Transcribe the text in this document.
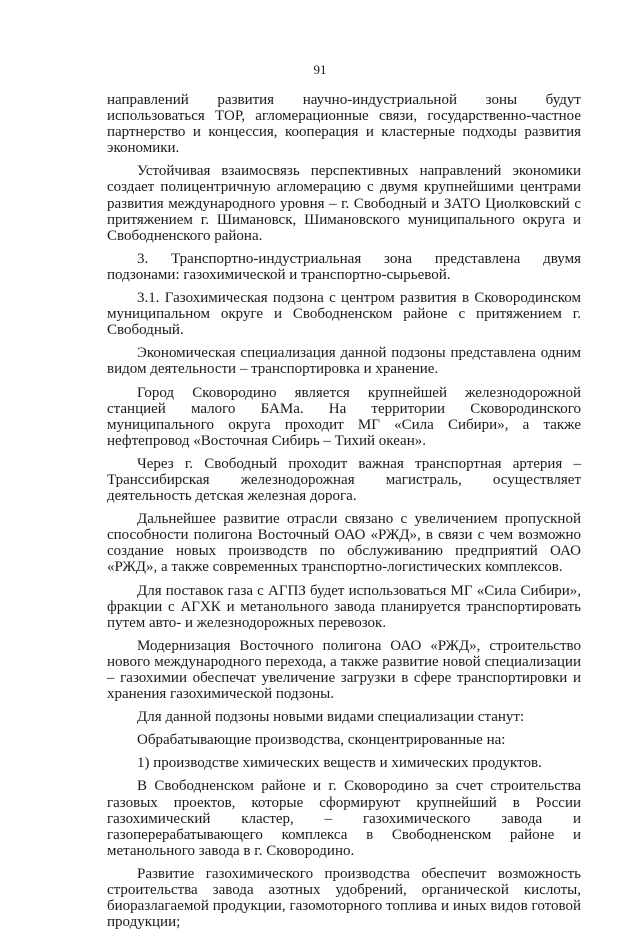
91

направлений развития научно-индустриальной зоны будут использоваться ТОР, агломерационные связи, государственно-частное партнерство и концессия, кооперация и кластерные подходы развития экономики.

Устойчивая взаимосвязь перспективных направлений экономики создает полицентричную агломерацию с двумя крупнейшими центрами развития международного уровня – г. Свободный и ЗАТО Циолковский с притяжением г. Шимановск, Шимановского муниципального округа и Свободненского района.

3. Транспортно-индустриальная зона представлена двумя подзонами: газохимической и транспортно-сырьевой.

3.1. Газохимическая подзона с центром развития в Сковородинском муниципальном округе и Свободненском районе с притяжением г. Свободный.

Экономическая специализация данной подзоны представлена одним видом деятельности – транспортировка и хранение.

Город Сковородино является крупнейшей железнодорожной станцией малого БАМа. На территории Сковородинского муниципального округа проходит МГ «Сила Сибири», а также нефтепровод «Восточная Сибирь – Тихий океан».

Через г. Свободный проходит важная транспортная артерия – Транссибирская железнодорожная магистраль, осуществляет деятельность детская железная дорога.

Дальнейшее развитие отрасли связано с увеличением пропускной способности полигона Восточный ОАО «РЖД», в связи с чем возможно создание новых производств по обслуживанию предприятий ОАО «РЖД», а также современных транспортно-логистических комплексов.

Для поставок газа с АГПЗ будет использоваться МГ «Сила Сибири», фракции с АГХК и метанольного завода планируется транспортировать путем авто- и железнодорожных перевозок.

Модернизация Восточного полигона ОАО «РЖД», строительство нового международного перехода, а также развитие новой специализации – газохимии обеспечат увеличение загрузки в сфере транспортировки и хранения газохимической подзоны.

Для данной подзоны новыми видами специализации станут:

Обрабатывающие производства, сконцентрированные на:

1) производстве химических веществ и химических продуктов.

В Свободненском районе и г. Сковородино за счет строительства газовых проектов, которые сформируют крупнейший в России газохимический кластер, – газохимического завода и газоперерабатывающего комплекса в Свободненском районе и метанольного завода в г. Сковородино.

Развитие газохимического производства обеспечит возможность строительства завода азотных удобрений, органической кислоты, биоразлагаемой продукции, газомоторного топлива и иных видов готовой продукции;
